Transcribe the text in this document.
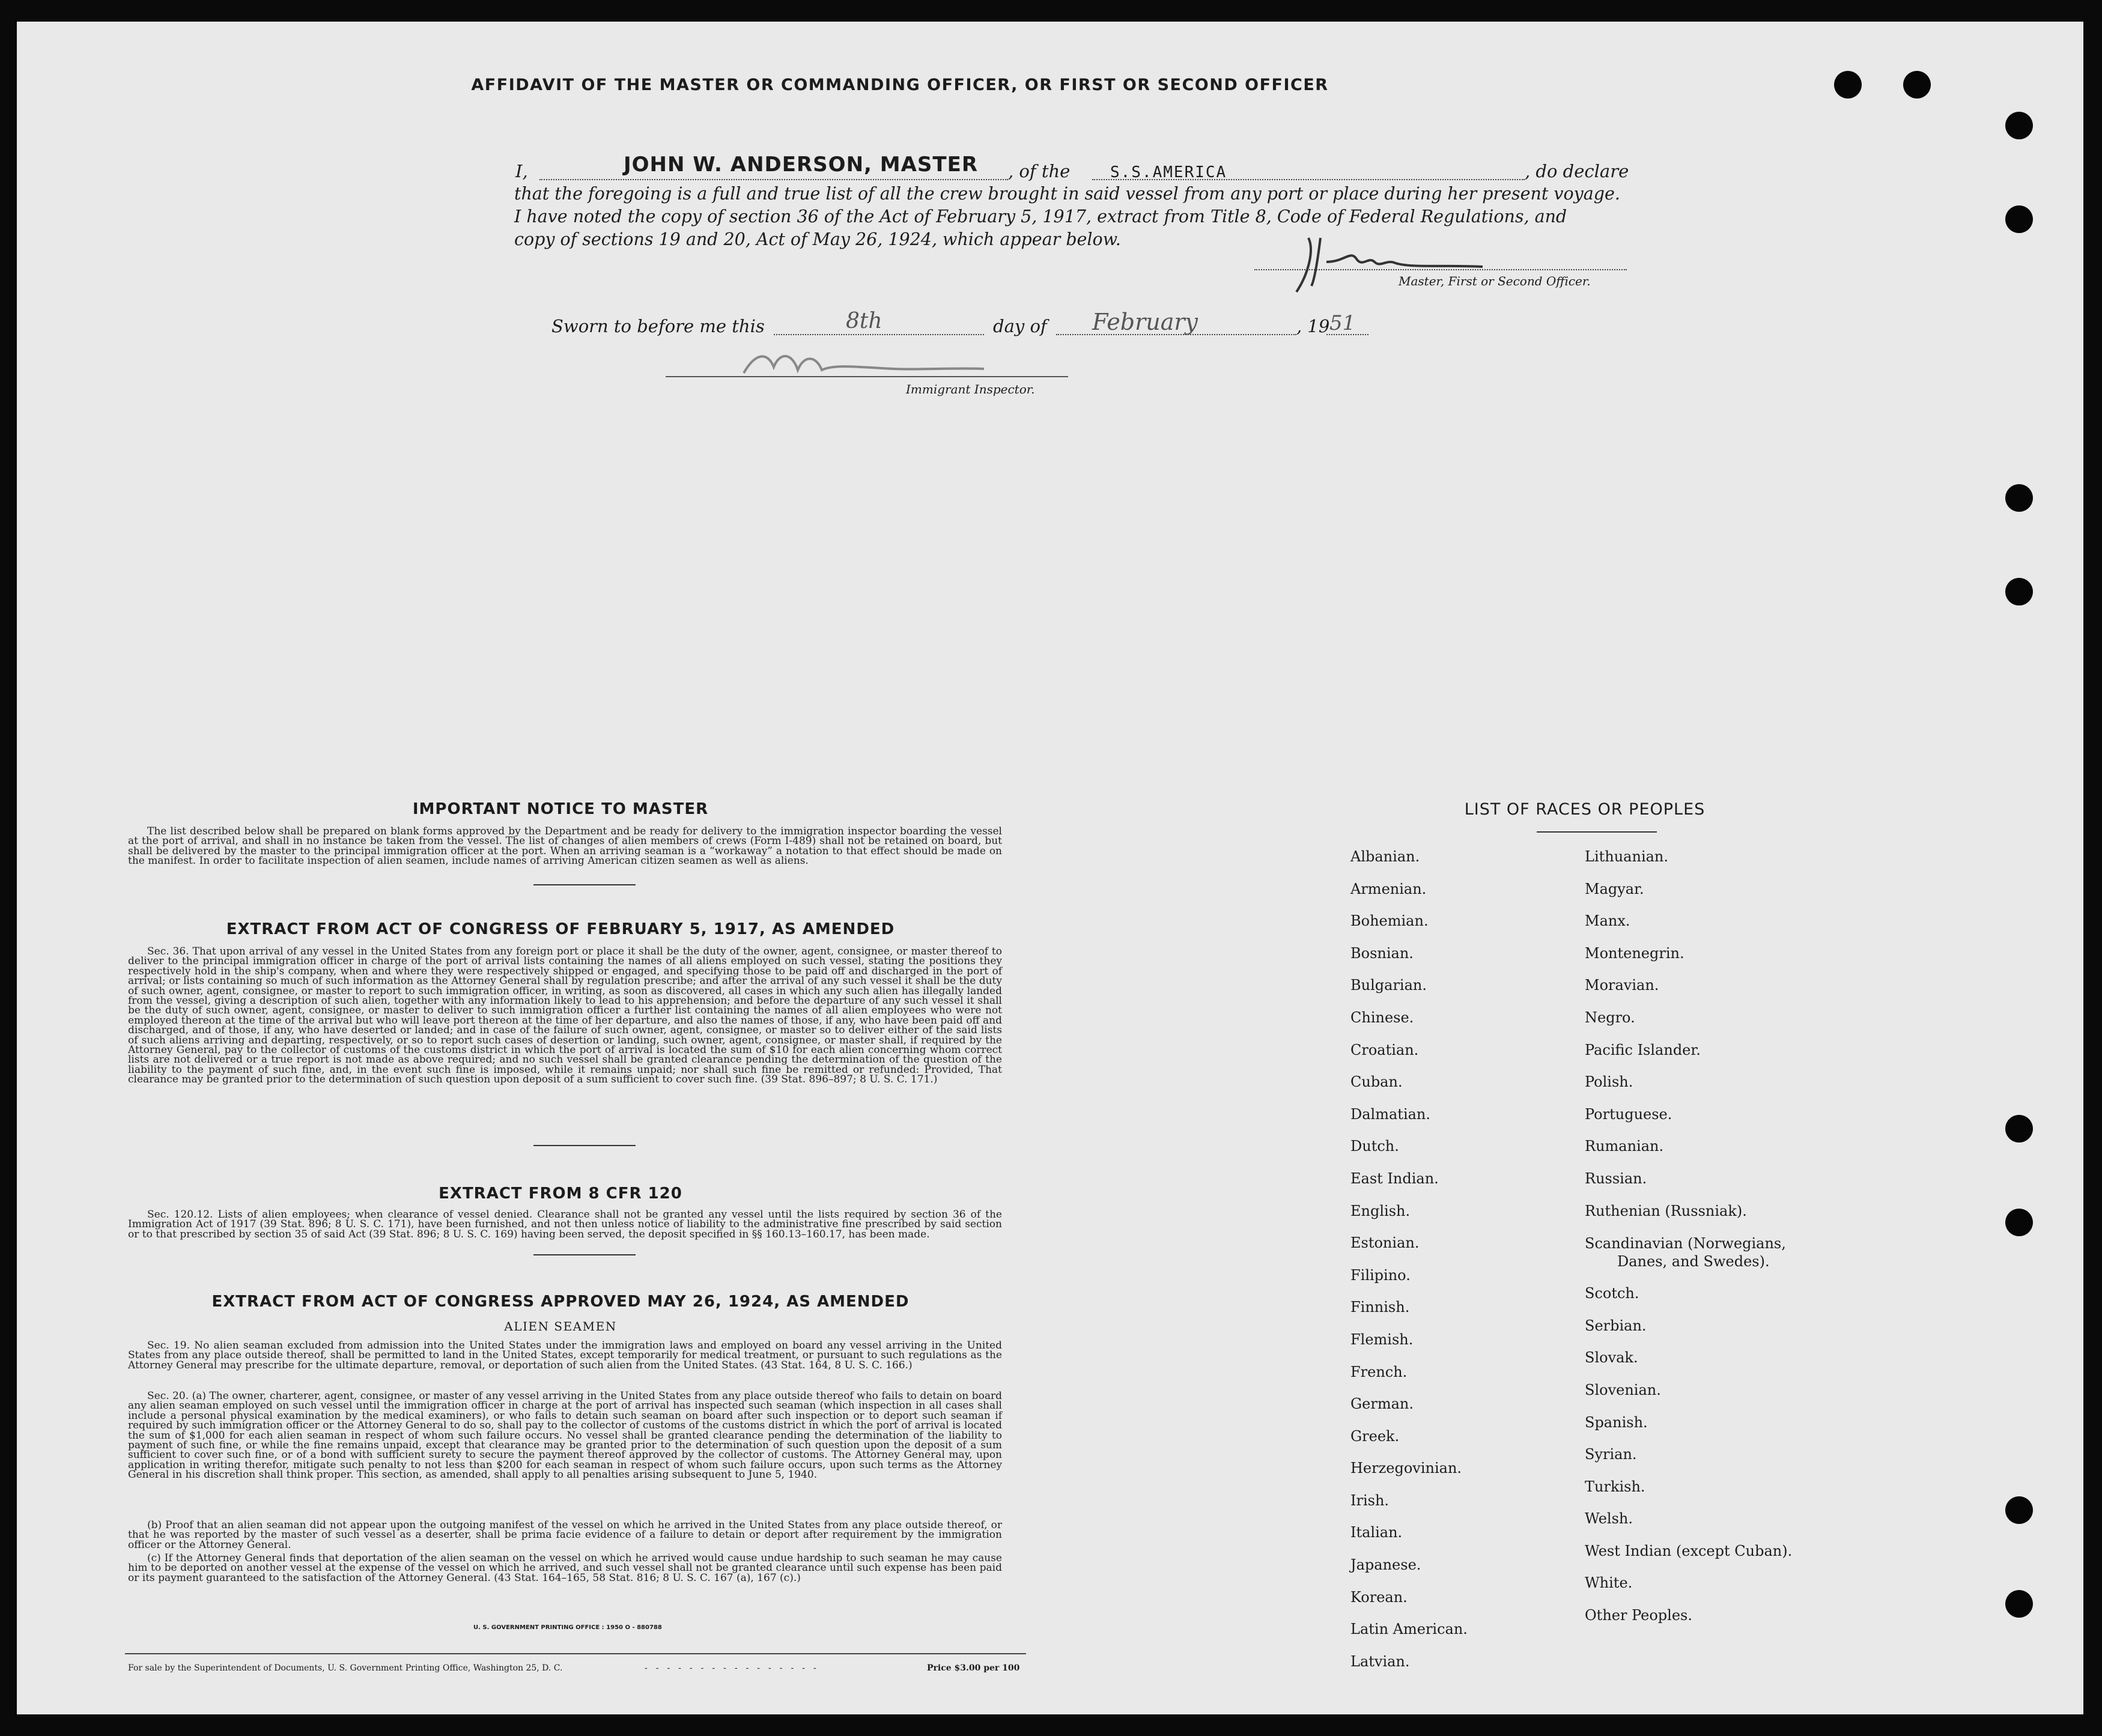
AFFIDAVIT OF THE MASTER OR COMMANDING OFFICER, OR FIRST OR SECOND OFFICER
I,	JOHN W. ANDERSON, MASTER , of the	S.S.AMERICA	, do declare
that the foregoing is a full and true list of all the crew brought in said vessel from any port or place during her present voyage.
I have noted the copy of section 36 of the Act of February 5, 1917, extract from Title 8, Code of Federal Regulations, and
copy of sections 19 and 20, Act of May 26, 1924, which appear below.
Master, First or Second Officer.
Sworn to before me this	8th	day of February	, 19 51
Immigrant Inspector.
IMPORTANT NOTICE TO MASTER
The list described below shall be prepared on blank forms approved by the Department and be ready for delivery to the immigration inspector boarding the vessel at the port of arrival, and shall in no instance be taken from the vessel. The list of changes of alien members of crews (Form I-489) shall not be retained on board, but shall be delivered by the master to the principal immigration officer at the port. When an arriving seaman is a “workaway” a notation to that effect should be made on the manifest. In order to facilitate inspection of alien seamen, include names of arriving American citizen seamen as well as aliens.
EXTRACT FROM ACT OF CONGRESS OF FEBRUARY 5, 1917, AS AMENDED
Sec. 36. That upon arrival of any vessel in the United States from any foreign port or place it shall be the duty of the owner, agent, consignee, or master thereof to deliver to the principal immigration officer in charge of the port of arrival lists containing the names of all aliens employed on such vessel, stating the positions they respectively hold in the ship's company, when and where they were respectively shipped or engaged, and specifying those to be paid off and discharged in the port of arrival; or lists containing so much of such information as the Attorney General shall by regulation prescribe; and after the arrival of any such vessel it shall be the duty of such owner, agent, consignee, or master to report to such immigration officer, in writing, as soon as discovered, all cases in which any such alien has illegally landed from the vessel, giving a description of such alien, together with any information likely to lead to his apprehension; and before the departure of any such vessel it shall be the duty of such owner, agent, consignee, or master to deliver to such immigration officer a further list containing the names of all alien employees who were not employed thereon at the time of the arrival but who will leave port thereon at the time of her departure, and also the names of those, if any, who have been paid off and discharged, and of those, if any, who have deserted or landed; and in case of the failure of such owner, agent, consignee, or master so to deliver either of the said lists of such aliens arriving and departing, respectively, or so to report such cases of desertion or landing, such owner, agent, consignee, or master shall, if required by the Attorney General, pay to the collector of customs of the customs district in which the port of arrival is located the sum of $10 for each alien concerning whom correct lists are not delivered or a true report is not made as above required; and no such vessel shall be granted clearance pending the determination of the question of the liability to the payment of such fine, and, in the event such fine is imposed, while it remains unpaid; nor shall such fine be remitted or refunded: Provided, That clearance may be granted prior to the determination of such question upon deposit of a sum sufficient to cover such fine. (39 Stat. 896–897; 8 U. S. C. 171.)
EXTRACT FROM 8 CFR 120
Sec. 120.12. Lists of alien employees; when clearance of vessel denied. Clearance shall not be granted any vessel until the lists required by section 36 of the Immigration Act of 1917 (39 Stat. 896; 8 U. S. C. 171), have been furnished, and not then unless notice of liability to the administrative fine prescribed by said section or to that prescribed by section 35 of said Act (39 Stat. 896; 8 U. S. C. 169) having been served, the deposit specified in §§ 160.13–160.17, has been made.
EXTRACT FROM ACT OF CONGRESS APPROVED MAY 26, 1924, AS AMENDED
ALIEN SEAMEN
Sec. 19. No alien seaman excluded from admission into the United States under the immigration laws and employed on board any vessel arriving in the United States from any place outside thereof, shall be permitted to land in the United States, except temporarily for medical treatment, or pursuant to such regulations as the Attorney General may prescribe for the ultimate departure, removal, or deportation of such alien from the United States. (43 Stat. 164, 8 U. S. C. 166.)
Sec. 20. (a) The owner, charterer, agent, consignee, or master of any vessel arriving in the United States from any place outside thereof who fails to detain on board any alien seaman employed on such vessel until the immigration officer in charge at the port of arrival has inspected such seaman (which inspection in all cases shall include a personal physical examination by the medical examiners), or who fails to detain such seaman on board after such inspection or to deport such seaman if required by such immigration officer or the Attorney General to do so, shall pay to the collector of customs of the customs district in which the port of arrival is located the sum of $1,000 for each alien seaman in respect of whom such failure occurs. No vessel shall be granted clearance pending the determination of the liability to payment of such fine, or while the fine remains unpaid, except that clearance may be granted prior to the determination of such question upon the deposit of a sum sufficient to cover such fine, or of a bond with sufficient surety to secure the payment thereof approved by the collector of customs. The Attorney General may, upon application in writing therefor, mitigate such penalty to not less than $200 for each seaman in respect of whom such failure occurs, upon such terms as the Attorney General in his discretion shall think proper. This section, as amended, shall apply to all penalties arising subsequent to June 5, 1940.
(b) Proof that an alien seaman did not appear upon the outgoing manifest of the vessel on which he arrived in the United States from any place outside thereof, or that he was reported by the master of such vessel as a deserter, shall be prima facie evidence of a failure to detain or deport after requirement by the immigration officer or the Attorney General.
(c) If the Attorney General finds that deportation of the alien seaman on the vessel on which he arrived would cause undue hardship to such seaman he may cause him to be deported on another vessel at the expense of the vessel on which he arrived, and such vessel shall not be granted clearance until such expense has been paid or its payment guaranteed to the satisfaction of the Attorney General. (43 Stat. 164–165, 58 Stat. 816; 8 U. S. C. 167 (a), 167 (c).)
U. S. GOVERNMENT PRINTING OFFICE : 1950 O - 880788
For sale by the Superintendent of Documents, U. S. Government Printing Office, Washington 25, D. C.	----------------	Price $3.00 per 100
LIST OF RACES OR PEOPLES
Albanian.
Armenian.
Bohemian.
Bosnian.
Bulgarian.
Chinese.
Croatian.
Cuban.
Dalmatian.
Dutch.
East Indian.
English.
Estonian.
Filipino.
Finnish.
Flemish.
French.
German.
Greek.
Herzegovinian.
Irish.
Italian.
Japanese.
Korean.
Latin American.
Latvian.
Lithuanian.
Magyar.
Manx.
Montenegrin.
Moravian.
Negro.
Pacific Islander.
Polish.
Portuguese.
Rumanian.
Russian.
Ruthenian (Russniak).
Scandinavian (Norwegians,
Danes, and Swedes).
Scotch.
Serbian.
Slovak.
Slovenian.
Spanish.
Syrian.
Turkish.
Welsh.
West Indian (except Cuban).
White.
Other Peoples.
